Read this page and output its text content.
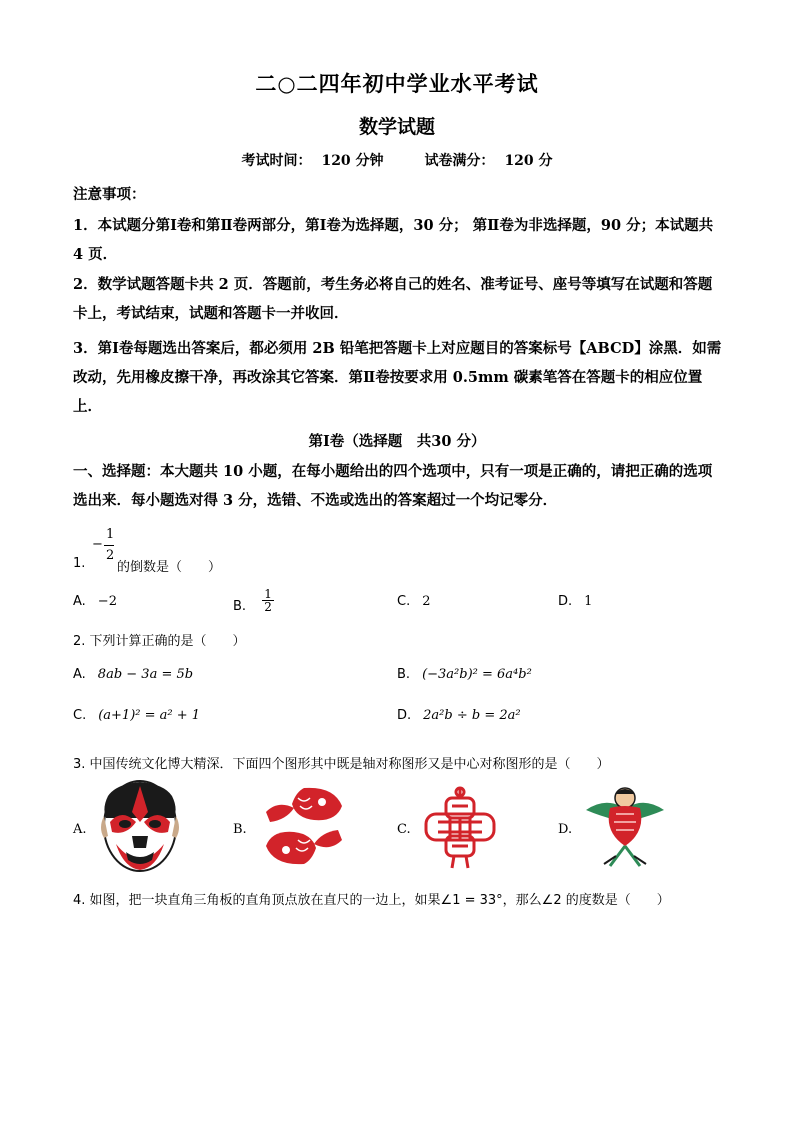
二○二四年初中学业水平考试
数学试题
考试时间： 120 分钟	试卷满分： 120 分
注意事项：
1．本试题分第Ⅰ卷和第Ⅱ卷两部分，第Ⅰ卷为选择题，30 分； 第Ⅱ卷为非选择题，90 分；本试题共 4 页．
2．数学试题答题卡共 2 页．答题前，考生务必将自己的姓名、准考证号、座号等填写在试题和答题卡上，考试结束，试题和答题卡一并收回．
3．第Ⅰ卷每题选出答案后，都必须用 2B 铅笔把答题卡上对应题目的答案标号【ABCD】涂黑．如需改动，先用橡皮擦干净，再改涂其它答案．第Ⅱ卷按要求用 0.5mm 碳素笔答在答题卡的相应位置上．
第Ⅰ卷（选择题　共30 分）
一、选择题：本大题共 10 小题，在每小题给出的四个选项中，只有一项是正确的，请把正确的选项选出来．每小题选对得 3 分，选错、不选或选出的答案超过一个均记零分．
1.
−
1
2
的倒数是（　　）
A. −2	B. $\frac{1}{2}$	C. 2	D. 1
2. 下列计算正确的是（　　）
A. 8ab − 3a = 5b	B. (−3a²b)² = 6a⁴b²
C. (a+1)² = a² + 1	D. 2a²b ÷ b = 2a²
3. 中国传统文化博大精深．下面四个图形其中既是轴对称图形又是中心对称图形的是（　　）
A.	B.	C.	D.
4. 如图，把一块直角三角板的直角顶点放在直尺的一边上，如果∠1 = 33°，那么∠2 的度数是（　　）
